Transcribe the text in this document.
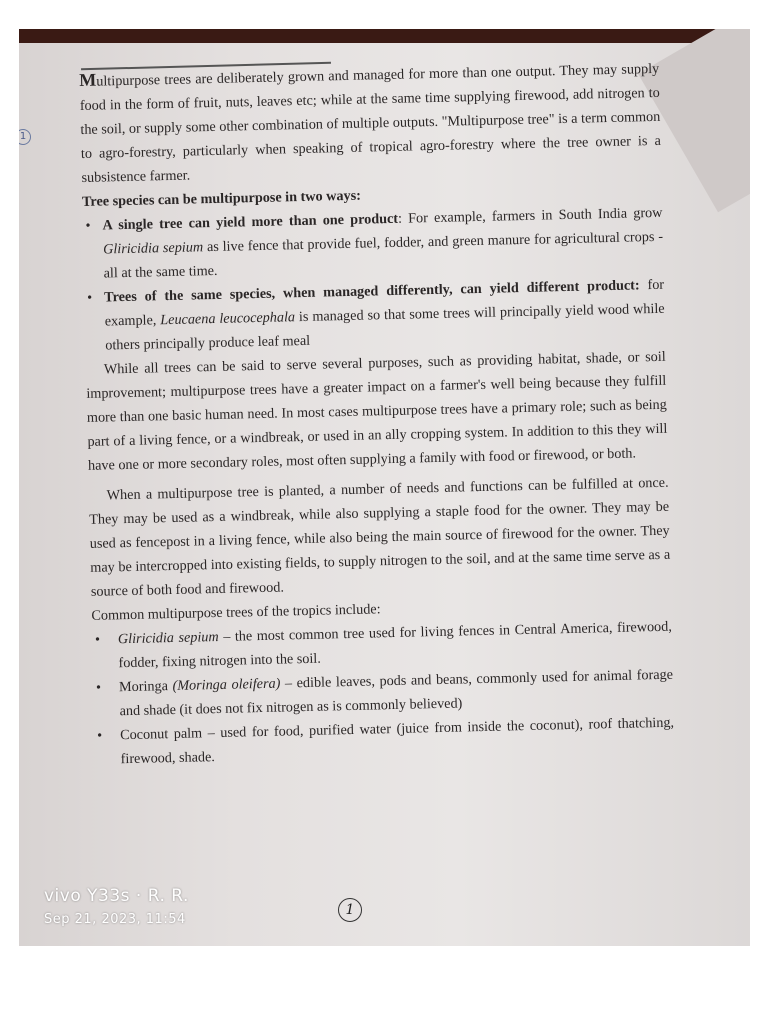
1

Multipurpose trees are deliberately grown and managed for more than one output. They may supply food in the form of fruit, nuts, leaves etc; while at the same time supplying firewood, add nitrogen to the soil, or supply some other combination of multiple outputs. "Multipurpose tree" is a term common to agro-forestry, particularly when speaking of tropical agro-forestry where the tree owner is a subsistence farmer.

Tree species can be multipurpose in two ways:

• A single tree can yield more than one product: For example, farmers in South India grow Gliricidia sepium as live fence that provide fuel, fodder, and green manure for agricultural crops - all at the same time.
• Trees of the same species, when managed differently, can yield different product: for example, Leucaena leucocephala is managed so that some trees will principally yield wood while others principally produce leaf meal

While all trees can be said to serve several purposes, such as providing habitat, shade, or soil improvement; multipurpose trees have a greater impact on a farmer's well being because they fulfill more than one basic human need. In most cases multipurpose trees have a primary role; such as being part of a living fence, or a windbreak, or used in an ally cropping system. In addition to this they will have one or more secondary roles, most often supplying a family with food or firewood, or both.

When a multipurpose tree is planted, a number of needs and functions can be fulfilled at once. They may be used as a windbreak, while also supplying a staple food for the owner. They may be used as fencepost in a living fence, while also being the main source of firewood for the owner. They may be intercropped into existing fields, to supply nitrogen to the soil, and at the same time serve as a source of both food and firewood.

Common multipurpose trees of the tropics include:

• Gliricidia sepium – the most common tree used for living fences in Central America, firewood, fodder, fixing nitrogen into the soil.
• Moringa (Moringa oleifera) – edible leaves, pods and beans, commonly used for animal forage and shade (it does not fix nitrogen as is commonly believed)
• Coconut palm – used for food, purified water (juice from inside the coconut), roof thatching, firewood, shade.
vivo Y33s · R. R.
Sep 21, 2023, 11:54
1
